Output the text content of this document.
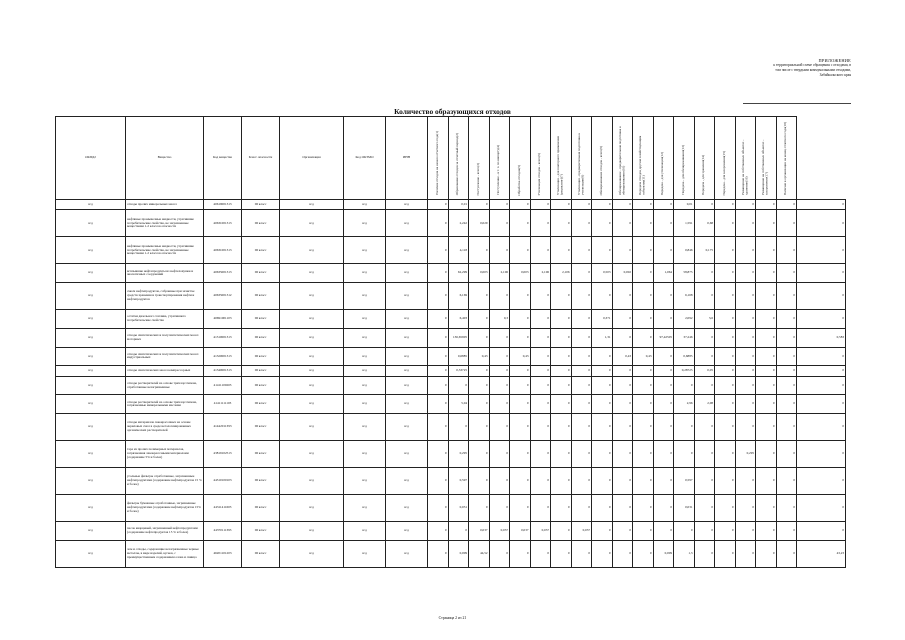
ПРИЛОЖЕНИЕ
к территориальной схеме обращения с отходами, в
том числе с твердыми коммунальными отходами,
Забайкальского края
Количество образующихся отходов
ОКПД2	Вещество	Код вещества	Класс опасности	Организация	Код ОКТМО	ИНН	Наличие отходов на начало отчетного года(1)	Образование отходов за отчетный период(2)	Поступление - всего(3)	Поступление - в т. ч. по импорту(4)	Обработка отходов(5)	Утилизация отходов - всего(6)	Утилизация - для повторного применения (рециклинг)(7)	Утилизация - предварительная подготовка к утилизации(8)	Обезвреживание отходов - всего(9)	Обезвреживание - предварительная подготовка к обезвреживанию(10)	Передача отходов другим хозяйствующим субъектам(11)	Передача - для утилизации(12)	Передача - для обезвреживания(13)	Передача - для хранения(14)	Передача - для захоронения(15)	Размещение на собственных объектах - хранение(16)	Размещение на собственных объектах - захоронение(17)	Наличие в организации на конец отчетного года(18)	
н/д	отходы прочих минеральных масел	40619001313	III класс	н/д	н/д	н/д	0	0,01	0	0	0	0	0	0	0	0	0	0	0,01	0	0	0	0	0	0
н/д	нефтяные промывочные жидкости, утратившие потребительские свойства, не загрязненные веществами 1-2 классов опасности	40631001313	III класс	н/д	н/д	н/д	0	2,242	0,029	0	0	0	0	0	0	0	0	0	1,591	0,68	0	0	0	0	0
н/д	нефтяные промывочные жидкости, утратившие потребительские свойства, не загрязненные веществами 1-2 классов опасности	40631001313	III класс	н/д	н/д	н/д	0	4,118	0	0	0	0	0	0	0	0	0	0	0,846	0,175	0	0	0	0	0
н/д	всплывшие нефтепродукты из нефтеловушек и аналогичных сооружений	40635001313	III класс	н/д	н/д	н/д	0	62,299	0,003	2,106	0,003	2,106	2,106	0	0,503	0,002	0	1,064	58,875	0	0	0	0	0	0
н/д	смеси нефтепродуктов, собранные при зачистке средств хранения и транспортирования нефти и нефтепродуктов	40635001312	III класс	н/д	н/д	н/д	0	6,169	0	0	0	0	0	0	0	0	0	0	6,168	0	0	0	0	0	0
н/д	остатки дизельного топлива, утратившего потребительские свойства	40691001103	III класс	н/д	н/д	н/д	0	6,403	0	0,3	0	0	0	0	0,371	0	0	0	2,092	3,6	0	0	0	0	0
н/д	отходы синтетических и полусинтетических масел моторных	41310001313	III класс	н/д	н/д	н/д	0	136,65905	0	0	0	0	0	0	1,31	0	0	97,42505	37,246	0	0	0	0	0	0,583
н/д	отходы синтетических и полусинтетических масел индустриальных	41320001313	III класс	н/д	н/д	н/д	0	0,6885	0,43	0	0,43	0	0	0	0	0,43	0,43	0	0,6885	0	0	0	0	0	0
н/д	отходы синтетических масел компрессорных	41340001313	III класс	н/д	н/д	н/д	0	0,33725	0	0	0	0	0	0	0	0	0	0	0,28725	0,05	0	0	0	0	0
н/д	отходы растворителей на основе трихлорэтилена, отработанные незагрязненные	41411100203	III класс	н/д	н/д	н/д	0	0	0	0	0	0	0	0	0	0	0	0	0	0	0	0	0	0	0
н/д	отходы растворителей на основе трихлорэтилена, загрязненные минеральными маслами	41411111103	III класс	н/д	н/д	н/д	0	5,04	0	0	0	0	0	0	0	0	0	0	2,96	2,08	0	0	0	0	0
н/д	отходы материалов лакокрасочных на основе акриловых смол в среде негалогенированных органических растворителей	41442011393	III класс	н/д	н/д	н/д	0	0	0	0	0	0	0	0	0	0	0	0	0	0	0	0	0	0	0
н/д	тара из прочих полимерных материалов, загрязненная лакокрасочными материалами (содержание 5% и более)	43819102513	III класс	н/д	н/д	н/д	0	0,295	0	0	0	0	0	0	0	0	0	0	0	0	0	0,295	0	0	0
н/д	угольные фильтры отработанные, загрязненные нефтепродуктами (содержание нефтепродуктов 15 % и более)	44310100103	III класс	н/д	н/д	н/д	0	0,597	0	0	0	0	0	0	0	0	0	0	0,597	0	0	0	0	0	0
н/д	фильтры бумажные отработанные, загрязненные нефтепродуктами (содержание нефтепродуктов 15% и более)	44311411603	III класс	н/д	н/д	н/д	0	0,031	0	0	0	0	0	0	0	0	0	0	0,031	0	0	0	0	0	0
н/д	песок кварцевый, загрязненный нефтепродуктами (содержание нефтепродуктов 15 % и более)	44370111393	III класс	н/д	н/д	н/д	0	0	0,037	0,037	0,037	0,037	0	0,037	0	0	0	0	0	0	0	0	0	0	0
н/д	лом и отходы, содержащие незагрязненные черные металлы, в виде изделий, кусков, с преимущественным содержанием олова и свинца	46201101203	III класс	н/д	н/д	н/д	0	0,009	44,52	0	0	0	0	0	0	0	0	0,009	1,3	0	0	0	0	0	43,23
Страница 2 из 21
